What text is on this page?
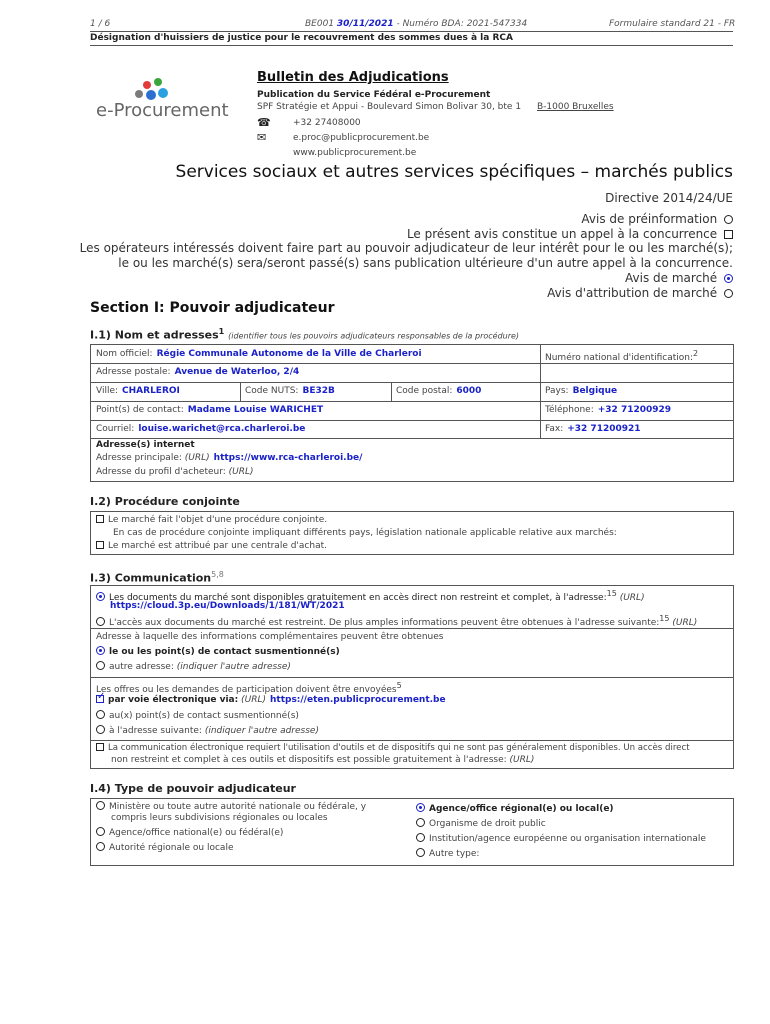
1 / 6	BE001 30/11/2021 - Numéro BDA: 2021-547334	Formulaire standard 21 - FR
Désignation d'huissiers de justice pour le recouvrement des sommes dues à la RCA
e-Procurement
Bulletin des Adjudications
Publication du Service Fédéral e-Procurement
SPF Stratégie et Appui - Boulevard Simon Bolivar 30, bte 1 B-1000 Bruxelles
☎ +32 27408000
✉	e.proc@publicprocurement.be
www.publicprocurement.be
Services sociaux et autres services spécifiques – marchés publics
Directive 2014/24/UE
Avis de préinformation
Le présent avis constitue un appel à la concurrence
Les opérateurs intéressés doivent faire part au pouvoir adjudicateur de leur intérêt pour le ou les marché(s);
le ou les marché(s) sera/seront passé(s) sans publication ultérieure d'un autre appel à la concurrence.
Avis de marché
Avis d'attribution de marché
Section I: Pouvoir adjudicateur
I.1) Nom et adresses$^1$ (identifier tous les pouvoirs adjudicateurs responsables de la procédure)
Nom officiel: Régie Communale Autonome de la Ville de Charleroi	Numéro national d'identification:$^2$
Adresse postale: Avenue de Waterloo, 2/4
Ville: CHARLEROI	Code NUTS: BE32B	Code postal: 6000	Pays: Belgique
Point(s) de contact: Madame Louise WARICHET	Téléphone: +32 71200929
Courriel: louise.warichet@rca.charleroi.be	Fax: +32 71200921
Adresse(s) internet
Adresse principale: (URL) https://www.rca-charleroi.be/
Adresse du profil d'acheteur: (URL)
I.2) Procédure conjointe
Le marché fait l'objet d'une procédure conjointe.
En cas de procédure conjointe impliquant différents pays, législation nationale applicable relative aux marchés:
Le marché est attribué par une centrale d'achat.
I.3) Communication$^{5,8}$
Les documents du marché sont disponibles gratuitement en accès direct non restreint et complet, à l'adresse:$^{15}$ (URL)
https://cloud.3p.eu/Downloads/1/181/WT/2021
L'accès aux documents du marché est restreint. De plus amples informations peuvent être obtenues à l'adresse suivante:$^{15}$ (URL)
Adresse à laquelle des informations complémentaires peuvent être obtenues
le ou les point(s) de contact susmentionné(s)
autre adresse: (indiquer l'autre adresse)
Les offres ou les demandes de participation doivent être envoyées$^5$
✓par voie électronique via: (URL) https://eten.publicprocurement.be
au(x) point(s) de contact susmentionné(s)
à l'adresse suivante: (indiquer l'autre adresse)
La communication électronique requiert l'utilisation d'outils et de dispositifs qui ne sont pas généralement disponibles. Un accès direct
non restreint et complet à ces outils et dispositifs est possible gratuitement à l'adresse: (URL)
I.4) Type de pouvoir adjudicateur
Ministère ou toute autre autorité nationale ou fédérale, y
compris leurs subdivisions régionales ou locales
Agence/office national(e) ou fédéral(e)
Autorité régionale ou locale
Agence/office régional(e) ou local(e)
Organisme de droit public
Institution/agence européenne ou organisation internationale
Autre type:
